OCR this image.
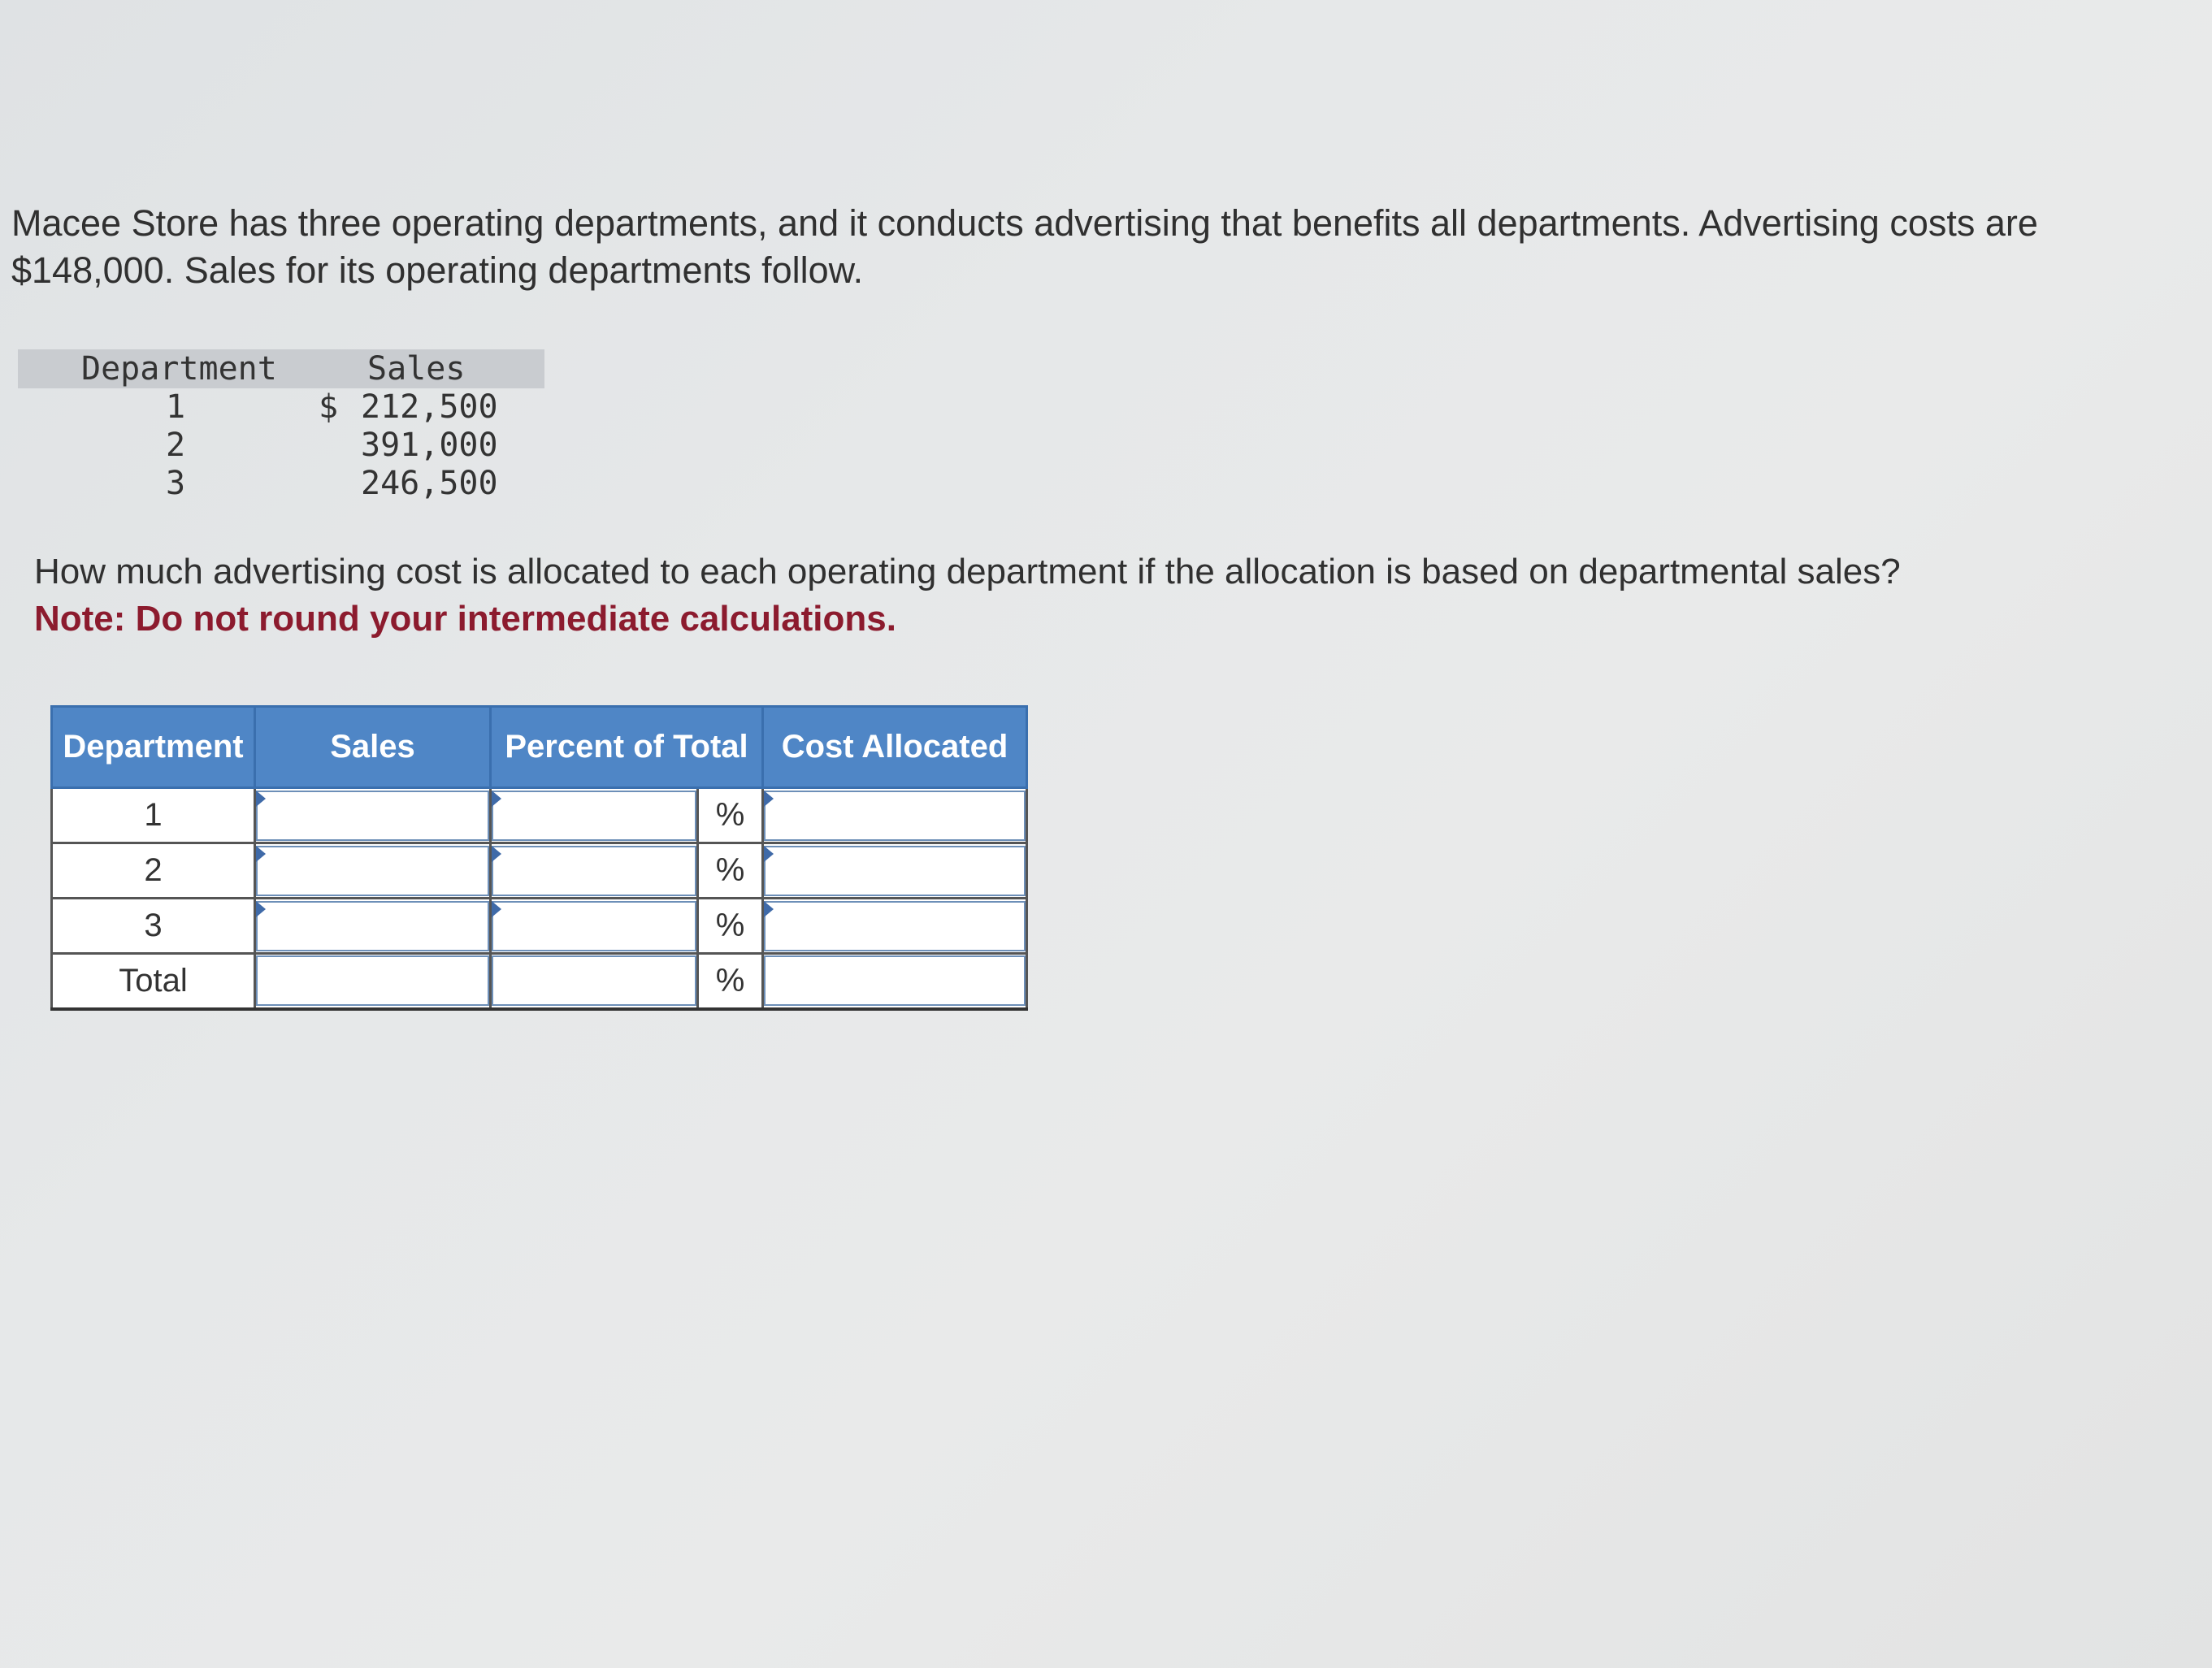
Macee Store has three operating departments, and it conducts advertising that benefits all departments. Advertising costs are

$148,000. Sales for its operating departments follow.

Department	Sales
1	$ 212,500
2	391,000
3	246,500

How much advertising cost is allocated to each operating department if the allocation is based on departmental sales?

Note: Do not round your intermediate calculations.

Department	Sales	Percent of Total		Cost Allocated
1			%	

2			%	

3			%	

Total			%	
